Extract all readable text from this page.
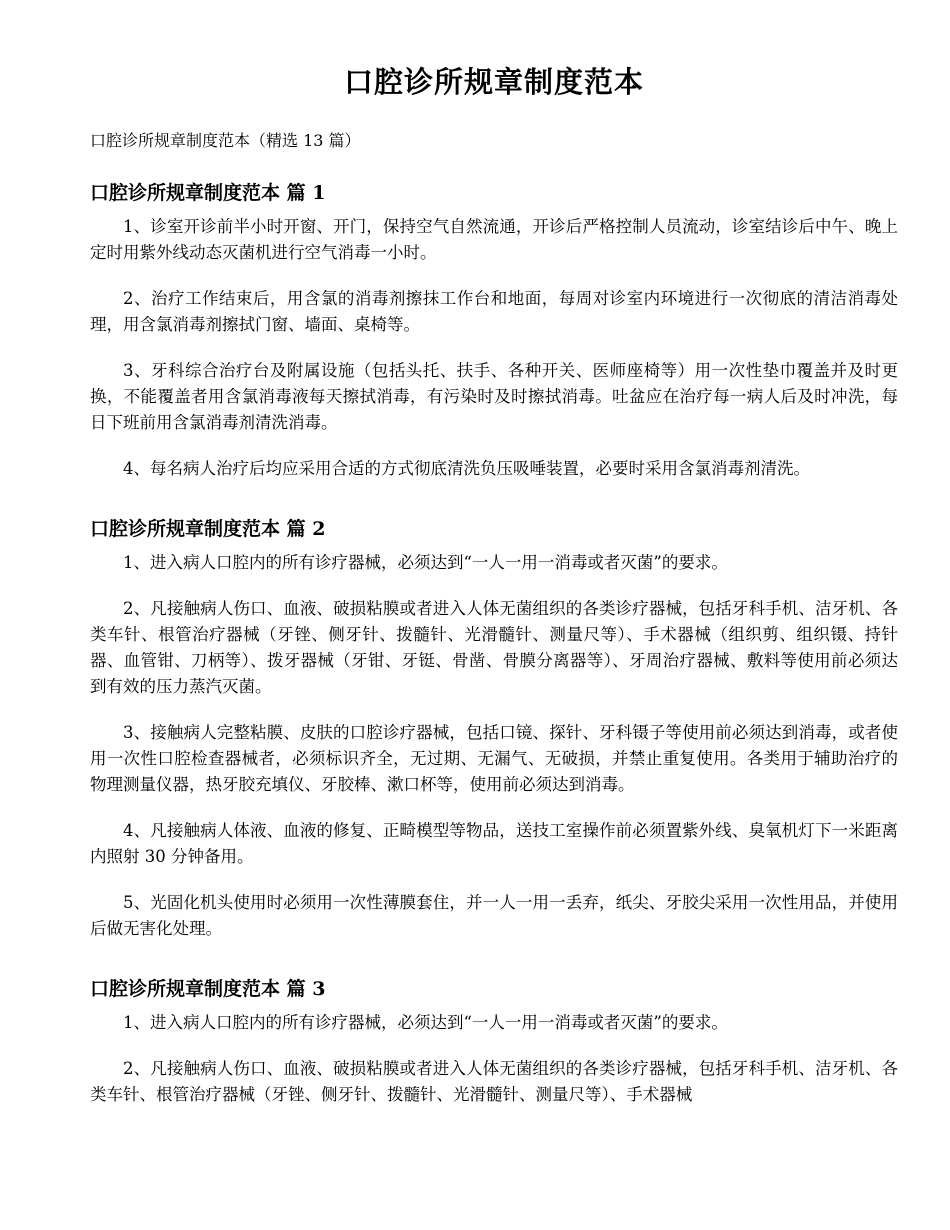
口腔诊所规章制度范本
口腔诊所规章制度范本（精选 13 篇）
口腔诊所规章制度范本 篇 1

1、诊室开诊前半小时开窗、开门，保持空气自然流通，开诊后严格控制人员流动，诊室结诊后中午、晚上定时用紫外线动态灭菌机进行空气消毒一小时。

2、治疗工作结束后，用含氯的消毒剂擦抹工作台和地面，每周对诊室内环境进行一次彻底的清洁消毒处理，用含氯消毒剂擦拭门窗、墙面、桌椅等。

3、牙科综合治疗台及附属设施（包括头托、扶手、各种开关、医师座椅等）用一次性垫巾覆盖并及时更换，不能覆盖者用含氯消毒液每天擦拭消毒，有污染时及时擦拭消毒。吐盆应在治疗每一病人后及时冲洗，每日下班前用含氯消毒剂清洗消毒。

4、每名病人治疗后均应采用合适的方式彻底清洗负压吸唾装置，必要时采用含氯消毒剂清洗。

口腔诊所规章制度范本 篇 2

1、进入病人口腔内的所有诊疗器械，必须达到“一人一用一消毒或者灭菌”的要求。

2、凡接触病人伤口、血液、破损粘膜或者进入人体无菌组织的各类诊疗器械，包括牙科手机、洁牙机、各类车针、根管治疗器械（牙锉、侧牙针、拨髓针、光滑髓针、测量尺等）、手术器械（组织剪、组织镊、持针器、血管钳、刀柄等）、拨牙器械（牙钳、牙铤、骨凿、骨膜分离器等）、牙周治疗器械、敷料等使用前必须达到有效的压力蒸汽灭菌。

3、接触病人完整粘膜、皮肤的口腔诊疗器械，包括口镜、探针、牙科镊子等使用前必须达到消毒，或者使用一次性口腔检查器械者，必须标识齐全，无过期、无漏气、无破损，并禁止重复使用。各类用于辅助治疗的物理测量仪器，热牙胶充填仪、牙胶棒、漱口杯等，使用前必须达到消毒。

4、凡接触病人体液、血液的修复、正畸模型等物品，送技工室操作前必须置紫外线、臭氧机灯下一米距离内照射 30 分钟备用。

5、光固化机头使用时必须用一次性薄膜套住，并一人一用一丢弃，纸尖、牙胶尖采用一次性用品，并使用后做无害化处理。

口腔诊所规章制度范本 篇 3

1、进入病人口腔内的所有诊疗器械，必须达到“一人一用一消毒或者灭菌”的要求。

2、凡接触病人伤口、血液、破损粘膜或者进入人体无菌组织的各类诊疗器械，包括牙科手机、洁牙机、各类车针、根管治疗器械（牙锉、侧牙针、拨髓针、光滑髓针、测量尺等）、手术器械
